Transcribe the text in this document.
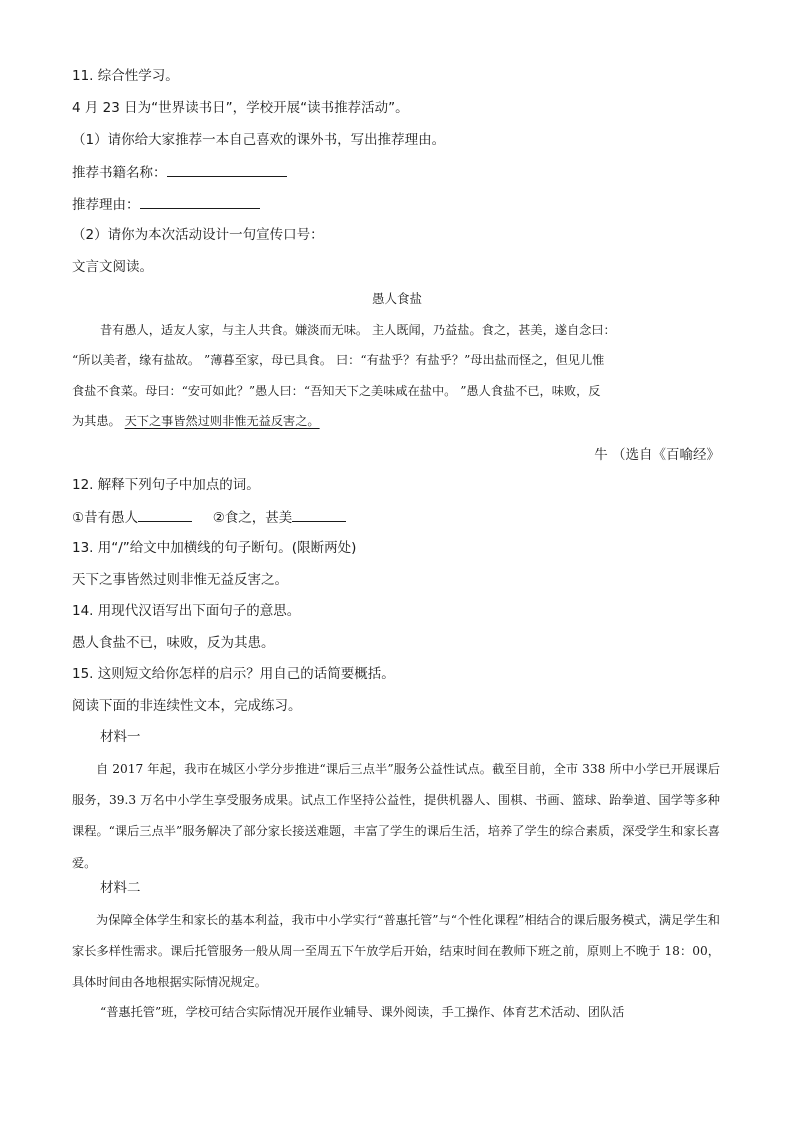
11. 综合性学习。
4 月 23 日为“世界读书日”，学校开展“读书推荐活动”。
（1）请你给大家推荐一本自己喜欢的课外书，写出推荐理由。
推荐书籍名称：
推荐理由：
（2）请你为本次活动设计一句宣传口号：
文言文阅读。
愚人食盐
昔有愚人，适友人家，与主人共食。嫌淡而无味。 主人既闻，乃益盐。食之，甚美，遂自念曰：
“所以美者，缘有盐故。 ”薄暮至家，母已具食。 曰：“有盐乎？有盐乎？”母出盐而怪之，但见儿惟
食盐不食菜。母曰：“安可如此？”愚人曰：“吾知天下之美味咸在盐中。 ”愚人食盐不已，味败，反
为其患。 天下之事皆然过则非惟无益反害之。
牛 （选自《百喻经》
12. 解释下列句子中加点的词。
①昔有愚人	②食之，甚美
13. 用“/”给文中加横线的句子断句。(限断两处)
天下之事皆然过则非惟无益反害之。
14. 用现代汉语写出下面句子的意思。
愚人食盐不已，味败，反为其患。
15. 这则短文给你怎样的启示？用自己的话简要概括。
阅读下面的非连续性文本，完成练习。
材料一

自 2017 年起，我市在城区小学分步推进“课后三点半”服务公益性试点。截至目前，全市 338 所中小学已开展课后服务，39.3 万名中小学生享受服务成果。试点工作坚持公益性，提供机器人、围棋、书画、篮球、跆拳道、国学等多种课程。“课后三点半”服务解决了部分家长接送难题，丰富了学生的课后生活，培养了学生的综合素质，深受学生和家长喜爱。

材料二

为保障全体学生和家长的基本利益，我市中小学实行“普惠托管”与“个性化课程”相结合的课后服务模式，满足学生和家长多样性需求。课后托管服务一般从周一至周五下午放学后开始，结束时间在教师下班之前，原则上不晚于 18：00，具体时间由各地根据实际情况规定。

“普惠托管”班，学校可结合实际情况开展作业辅导、课外阅读，手工操作、体育艺术活动、团队活
